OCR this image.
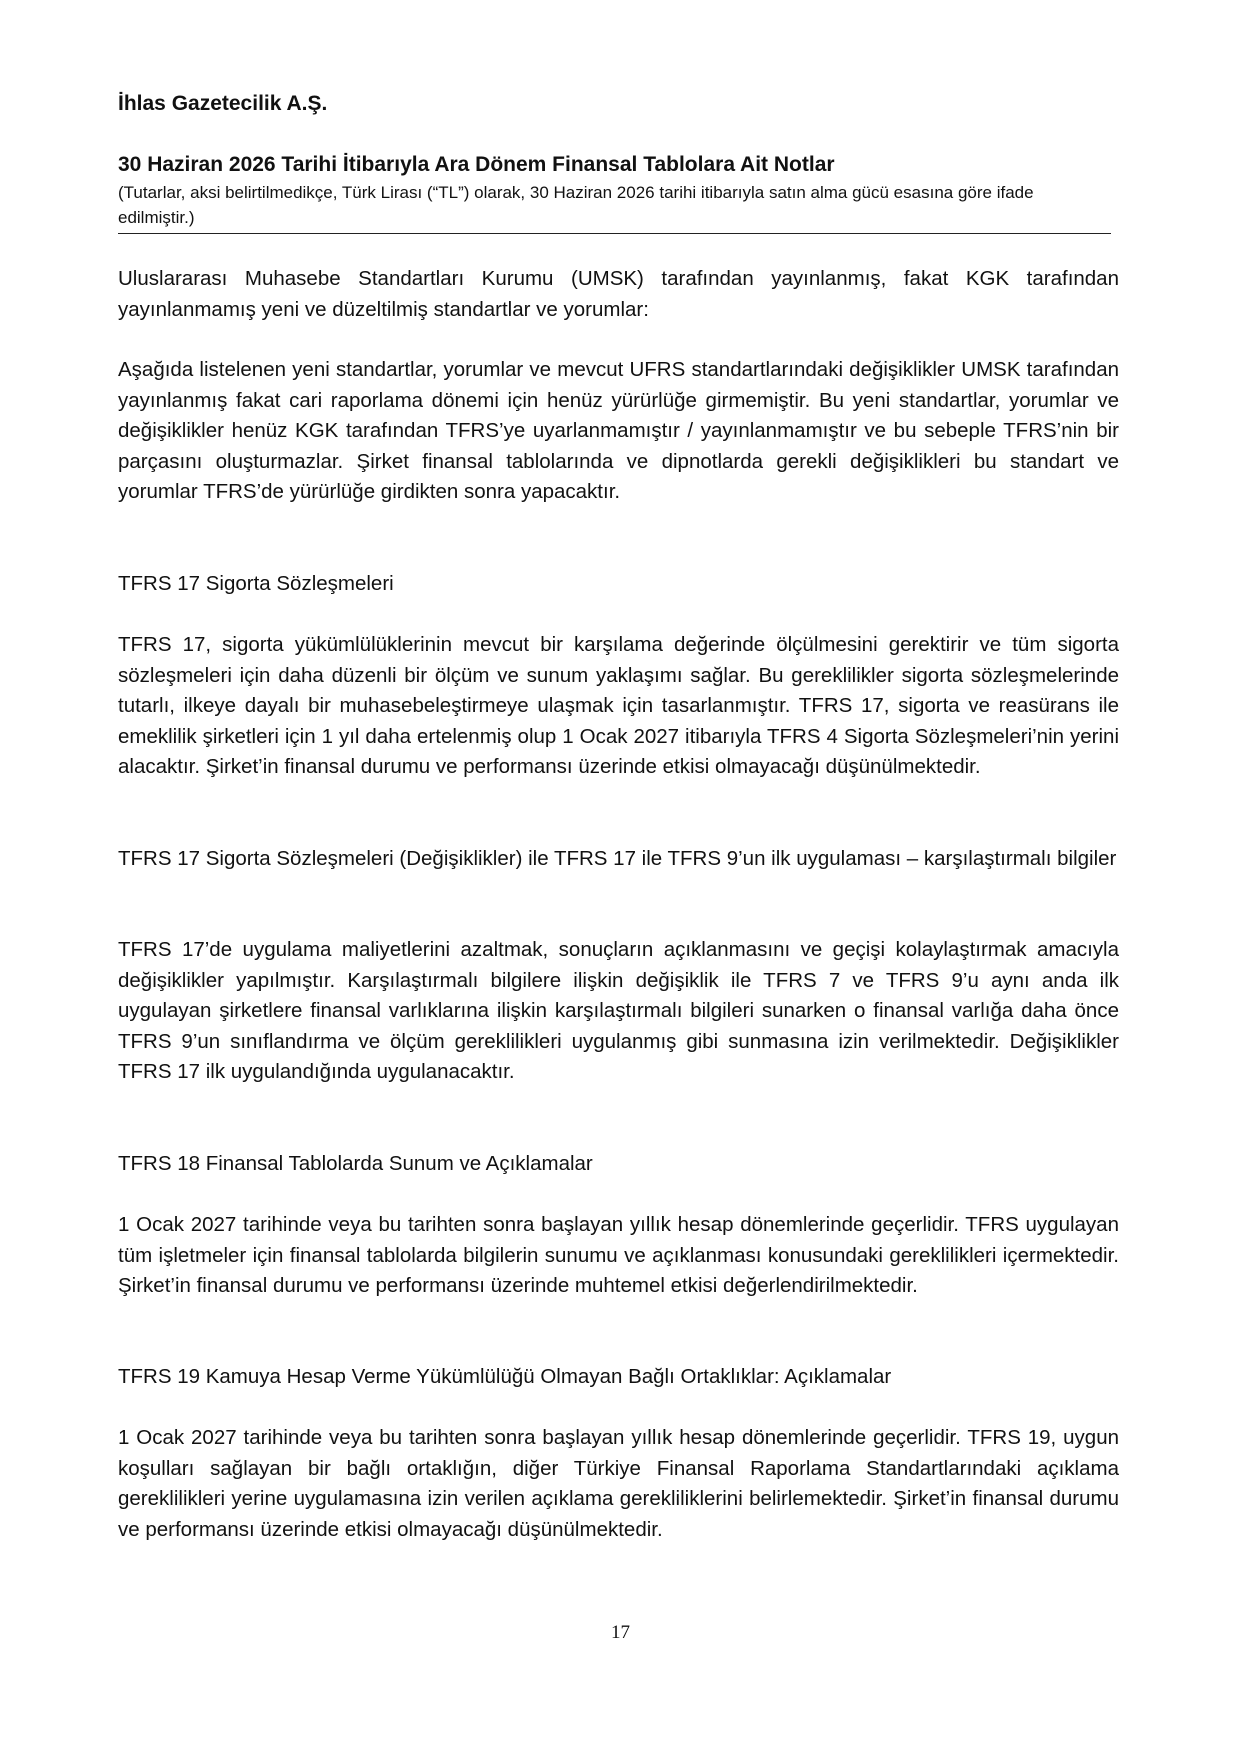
İhlas Gazetecilik A.Ş.

30 Haziran 2026 Tarihi İtibarıyla Ara Dönem Finansal Tablolara Ait Notlar

(Tutarlar, aksi belirtilmedikçe, Türk Lirası (“TL”) olarak, 30 Haziran 2026 tarihi itibarıyla satın alma gücü esasına göre ifade edilmiştir.)

Uluslararası Muhasebe Standartları Kurumu (UMSK) tarafından yayınlanmış, fakat KGK tarafından yayınlanmamış yeni ve düzeltilmiş standartlar ve yorumlar:

Aşağıda listelenen yeni standartlar, yorumlar ve mevcut UFRS standartlarındaki değişiklikler UMSK tarafından yayınlanmış fakat cari raporlama dönemi için henüz yürürlüğe girmemiştir. Bu yeni standartlar, yorumlar ve değişiklikler henüz KGK tarafından TFRS’ye uyarlanmamıştır / yayınlanmamıştır ve bu sebeple TFRS’nin bir parçasını oluşturmazlar. Şirket finansal tablolarında ve dipnotlarda gerekli değişiklikleri bu standart ve yorumlar TFRS’de yürürlüğe girdikten sonra yapacaktır.

TFRS 17 Sigorta Sözleşmeleri

TFRS 17, sigorta yükümlülüklerinin mevcut bir karşılama değerinde ölçülmesini gerektirir ve tüm sigorta sözleşmeleri için daha düzenli bir ölçüm ve sunum yaklaşımı sağlar. Bu gereklilikler sigorta sözleşmelerinde tutarlı, ilkeye dayalı bir muhasebeleştirmeye ulaşmak için tasarlanmıştır. TFRS 17, sigorta ve reasürans ile emeklilik şirketleri için 1 yıl daha ertelenmiş olup 1 Ocak 2027 itibarıyla TFRS 4 Sigorta Sözleşmeleri’nin yerini alacaktır. Şirket’in finansal durumu ve performansı üzerinde etkisi olmayacağı düşünülmektedir.

TFRS 17 Sigorta Sözleşmeleri (Değişiklikler) ile TFRS 17 ile TFRS 9’un ilk uygulaması – karşılaştırmalı bilgiler

TFRS 17’de uygulama maliyetlerini azaltmak, sonuçların açıklanmasını ve geçişi kolaylaştırmak amacıyla değişiklikler yapılmıştır. Karşılaştırmalı bilgilere ilişkin değişiklik ile TFRS 7 ve TFRS 9’u aynı anda ilk uygulayan şirketlere finansal varlıklarına ilişkin karşılaştırmalı bilgileri sunarken o finansal varlığa daha önce TFRS 9’un sınıflandırma ve ölçüm gereklilikleri uygulanmış gibi sunmasına izin verilmektedir. Değişiklikler TFRS 17 ilk uygulandığında uygulanacaktır.

TFRS 18 Finansal Tablolarda Sunum ve Açıklamalar

1 Ocak 2027 tarihinde veya bu tarihten sonra başlayan yıllık hesap dönemlerinde geçerlidir. TFRS uygulayan tüm işletmeler için finansal tablolarda bilgilerin sunumu ve açıklanması konusundaki gereklilikleri içermektedir. Şirket’in finansal durumu ve performansı üzerinde muhtemel etkisi değerlendirilmektedir.

TFRS 19 Kamuya Hesap Verme Yükümlülüğü Olmayan Bağlı Ortaklıklar: Açıklamalar

1 Ocak 2027 tarihinde veya bu tarihten sonra başlayan yıllık hesap dönemlerinde geçerlidir. TFRS 19, uygun koşulları sağlayan bir bağlı ortaklığın, diğer Türkiye Finansal Raporlama Standartlarındaki açıklama gereklilikleri yerine uygulamasına izin verilen açıklama gerekliliklerini belirlemektedir. Şirket’in finansal durumu ve performansı üzerinde etkisi olmayacağı düşünülmektedir.

17
